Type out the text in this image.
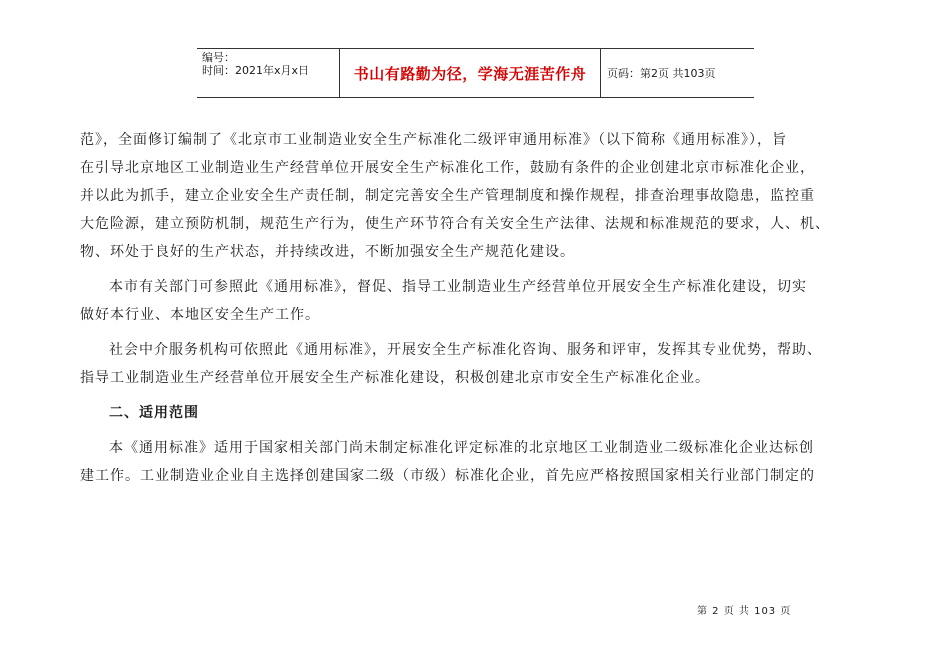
编号：
时间：2021年x月x日	书山有路勤为径，学海无涯苦作舟	页码：第2页 共103页
范》，全面修订编制了《北京市工业制造业安全生产标准化二级评审通用标准》（以下简称《通用标准》），旨
在引导北京地区工业制造业生产经营单位开展安全生产标准化工作，鼓励有条件的企业创建北京市标准化企业，
并以此为抓手，建立企业安全生产责任制，制定完善安全生产管理制度和操作规程，排查治理事故隐患，监控重
大危险源，建立预防机制，规范生产行为，使生产环节符合有关安全生产法律、法规和标准规范的要求，人、机、
物、环处于良好的生产状态，并持续改进，不断加强安全生产规范化建设。
本市有关部门可参照此《通用标准》，督促、指导工业制造业生产经营单位开展安全生产标准化建设，切实
做好本行业、本地区安全生产工作。
社会中介服务机构可依照此《通用标准》，开展安全生产标准化咨询、服务和评审，发挥其专业优势，帮助、
指导工业制造业生产经营单位开展安全生产标准化建设，积极创建北京市安全生产标准化企业。
二、适用范围
本《通用标准》适用于国家相关部门尚未制定标准化评定标准的北京地区工业制造业二级标准化企业达标创
建工作。工业制造业企业自主选择创建国家二级（市级）标准化企业，首先应严格按照国家相关行业部门制定的
第 2 页 共 103 页
